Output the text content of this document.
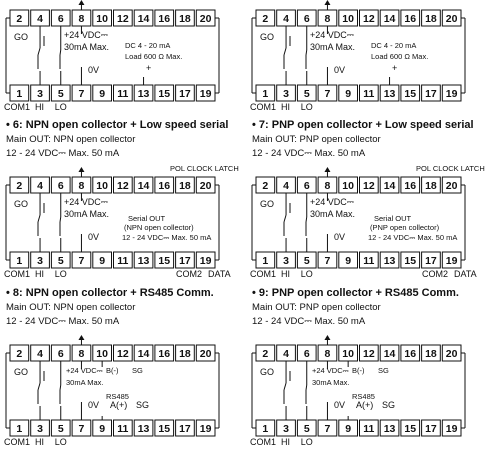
2 4 6 8 10 12 14 16 18 20
1 3 5 7 9 11 13 15 17 19
GO
COM1 HI LO
+24 VDC⎓
30mA Max. DC 4 - 20 mA
Load 600 Ω Max.
0V	+
2 4 6 8 10 12 14 16 18 20
1 3 5 7 9 11 13 15 17 19
GO
COM1 HI LO
+24 VDC⎓
30mA Max. DC 4 - 20 mA
Load 600 Ω Max.
0V	+
2 4 6 8 10 12 14 16 18 20
1 3 5 7 9 11 13 15 17 19
GO
COM1 HI LO
+24 VDC⎓
30mA Max.	Serial OUT
(NPN open collector)
12 - 24 VDC⎓ Max. 50 mA
0V
POL CLOCK LATCH
COM2 DATA
2 4 6 8 10 12 14 16 18 20
1 3 5 7 9 11 13 15 17 19
GO
COM1 HI LO
+24 VDC⎓
30mA Max.	Serial OUT
(PNP open collector)
12 - 24 VDC⎓ Max. 50 mA
0V
POL CLOCK LATCH
COM2 DATA
2 4 6 8 10 12 14 16 18 20
1 3 5 7 9 11 13 15 17 19
GO
COM1 HI LO
+24 VDC⎓ B(-) SG
30mA Max.
RS485
0V A(+) SG
2 4 6 8 10 12 14 16 18 20
1 3 5 7 9 11 13 15 17 19
GO
COM1 HI LO
+24 VDC⎓ B(-) SG
30mA Max.
RS485
0V A(+) SG
• 6: NPN open collector + Low speed serial
Main OUT: NPN open collector
12 - 24 VDC⎓ Max. 50 mA
• 7: PNP open collector + Low speed serial
Main OUT: PNP open collector
12 - 24 VDC⎓ Max. 50 mA
• 8: NPN open collector + RS485 Comm.
Main OUT: NPN open collector
12 - 24 VDC⎓ Max. 50 mA
• 9: PNP open collector + RS485 Comm.
Main OUT: PNP open collector
12 - 24 VDC⎓ Max. 50 mA
